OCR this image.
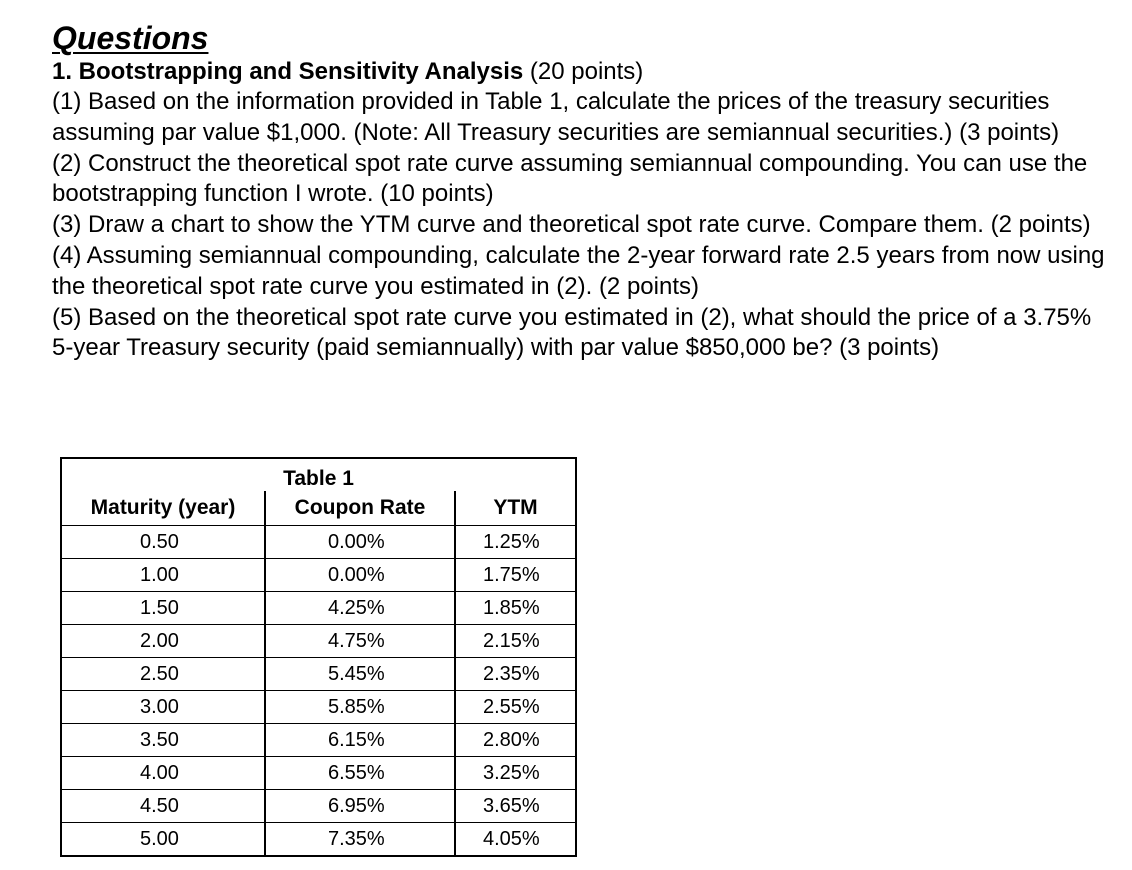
Questions

1. Bootstrapping and Sensitivity Analysis (20 points)

(1) Based on the information provided in Table 1, calculate the prices of the treasury securities assuming par value $1,000. (Note: All Treasury securities are semiannual securities.) (3 points)

(2) Construct the theoretical spot rate curve assuming semiannual compounding. You can use the bootstrapping function I wrote. (10 points)

(3) Draw a chart to show the YTM curve and theoretical spot rate curve. Compare them. (2 points)

(4) Assuming semiannual compounding, calculate the 2-year forward rate 2.5 years from now using the theoretical spot rate curve you estimated in (2). (2 points)

(5) Based on the theoretical spot rate curve you estimated in (2), what should the price of a 3.75% 5-year Treasury security (paid semiannually) with par value $850,000 be? (3 points)

Table 1		
Maturity (year)	Coupon Rate	YTM
0.50	0.00%	1.25%
1.00	0.00%	1.75%
1.50	4.25%	1.85%
2.00	4.75%	2.15%
2.50	5.45%	2.35%
3.00	5.85%	2.55%
3.50	6.15%	2.80%
4.00	6.55%	3.25%
4.50	6.95%	3.65%
5.00	7.35%	4.05%
